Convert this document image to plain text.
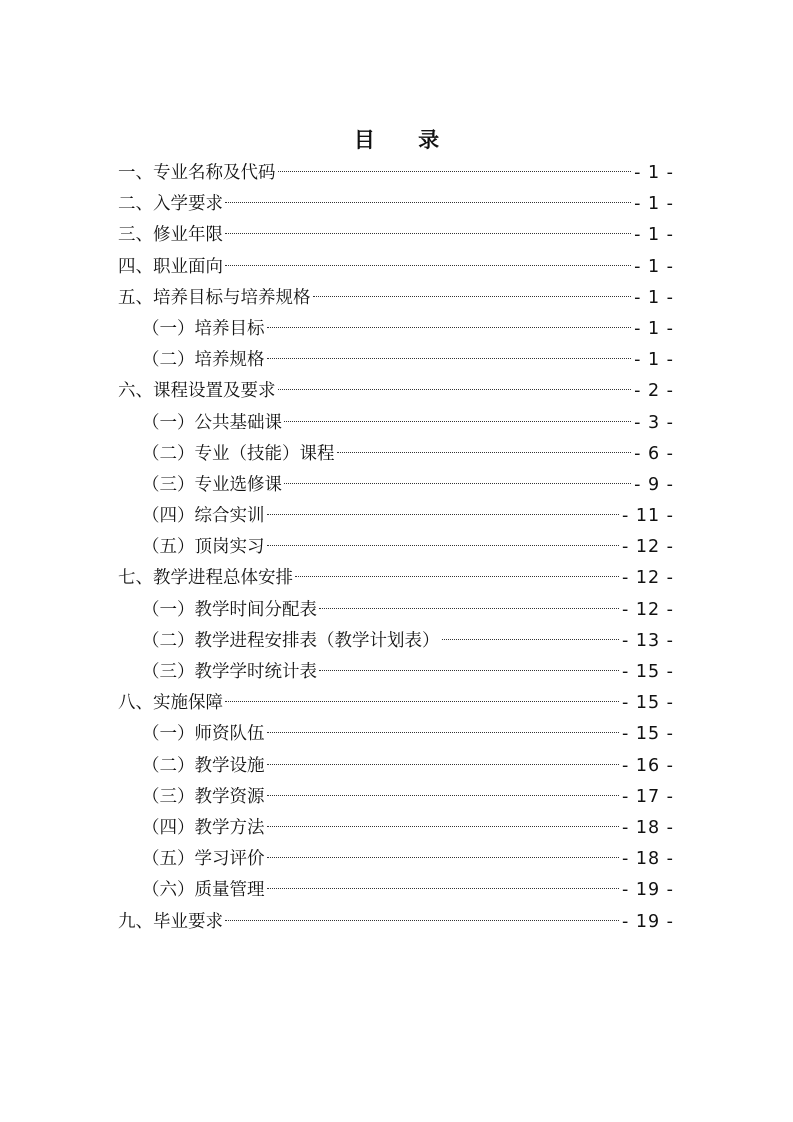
目 录
一、专业名称及代码	- 1 -
二、入学要求	- 1 -
三、修业年限	- 1 -
四、职业面向	- 1 -
五、培养目标与培养规格	- 1 -
（一）培养目标	- 1 -
（二）培养规格	- 1 -
六、课程设置及要求	- 2 -
（一）公共基础课	- 3 -
（二）专业（技能）课程	- 6 -
（三）专业选修课	- 9 -
（四）综合实训	- 11 -
（五）顶岗实习	- 12 -
七、教学进程总体安排	- 12 -
（一）教学时间分配表	- 12 -
（二）教学进程安排表（教学计划表）	- 13 -
（三）教学学时统计表	- 15 -
八、实施保障	- 15 -
（一）师资队伍	- 15 -
（二）教学设施	- 16 -
（三）教学资源	- 17 -
（四）教学方法	- 18 -
（五）学习评价	- 18 -
（六）质量管理	- 19 -
九、毕业要求	- 19 -
